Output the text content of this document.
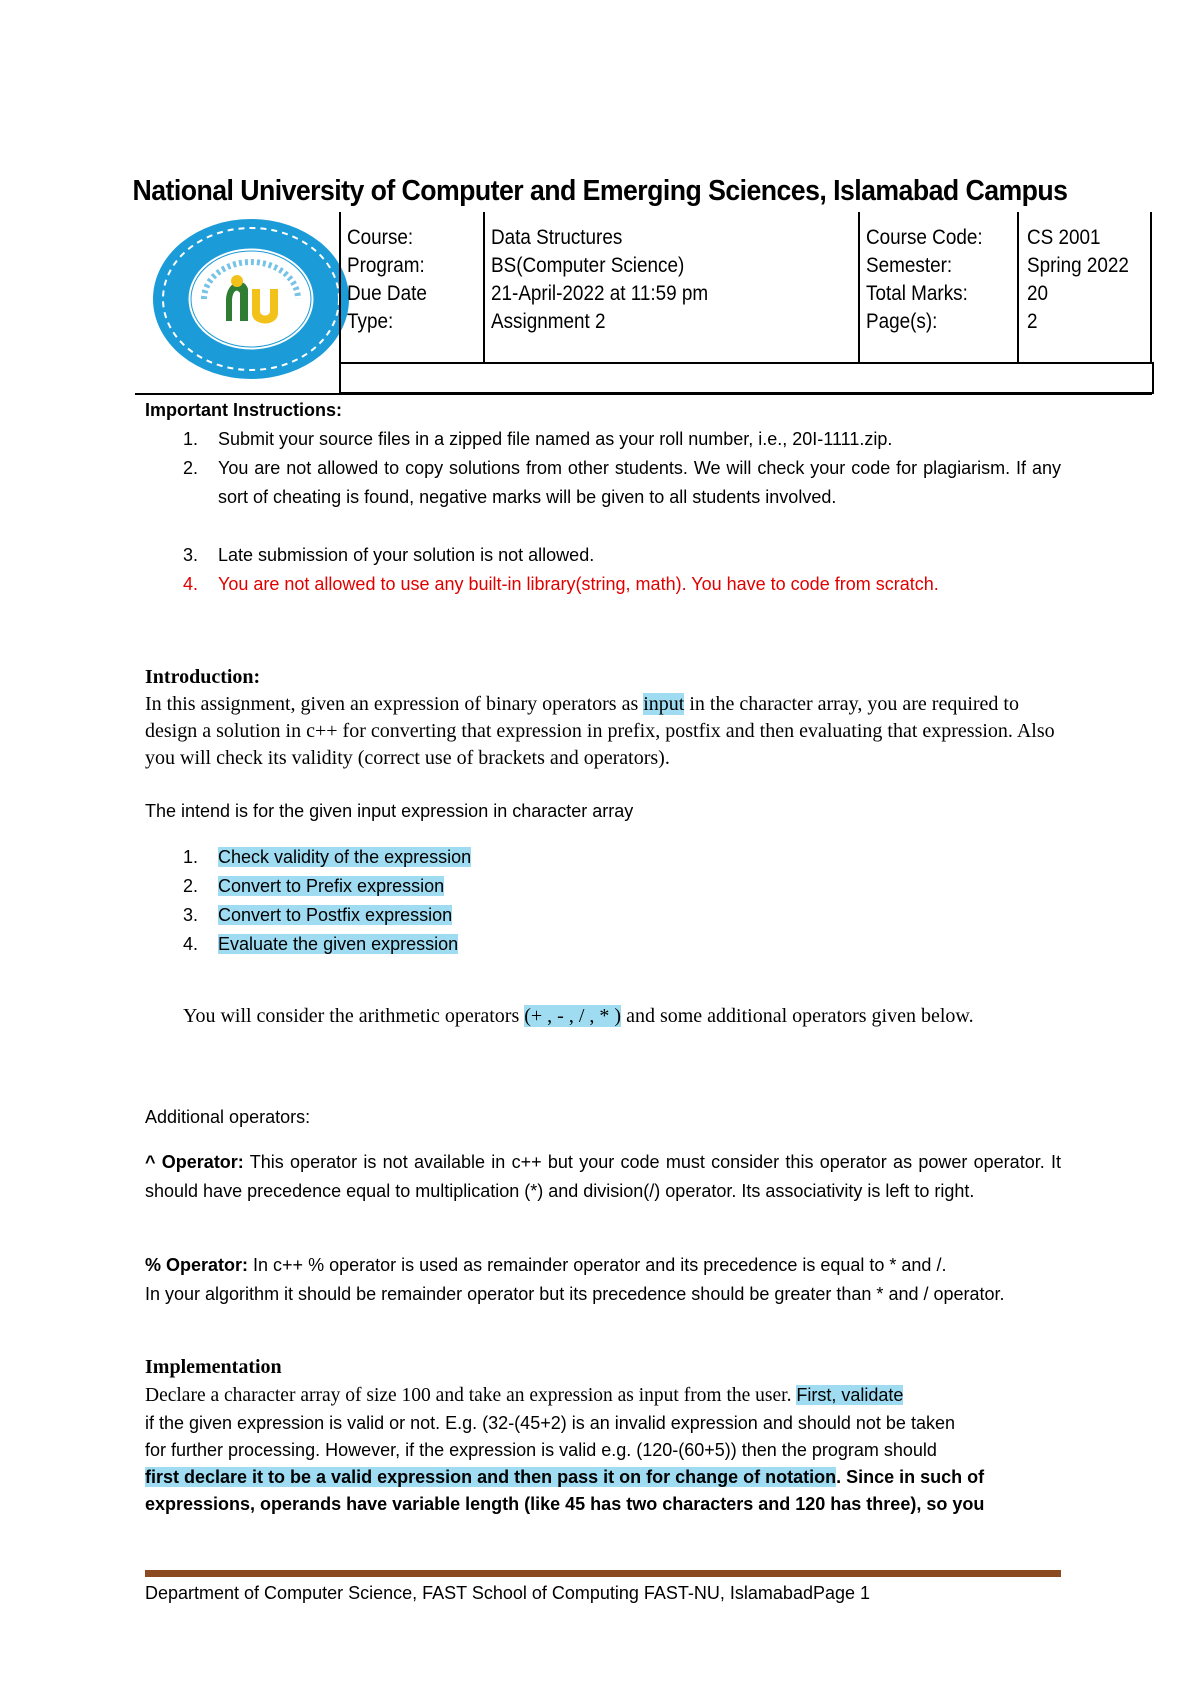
National University of Computer and Emerging Sciences, Islamabad Campus
Course:
Program:
Due Date
Type:
Data Structures
BS(Computer Science)
21-April-2022 at 11:59 pm
Assignment 2
Course Code:
Semester:
Total Marks:
Page(s):
CS 2001
Spring 2022
20
2
Important Instructions:
1. Submit your source files in a zipped file named as your roll number, i.e., 20I-1111.zip.
2. You are not allowed to copy solutions from other students. We will check your code for plagiarism. If any sort of cheating is found, negative marks will be given to all students involved.
3. Late submission of your solution is not allowed.
4. You are not allowed to use any built-in library(string, math). You have to code from scratch.
Introduction:
In this assignment, given an expression of binary operators as input in the character array, you are required to design a solution in c++ for converting that expression in prefix, postfix and then evaluating that expression. Also you will check its validity (correct use of brackets and operators).
The intend is for the given input expression in character array
1. Check validity of the expression
2. Convert to Prefix expression
3. Convert to Postfix expression
4. Evaluate the given expression
You will consider the arithmetic operators (+ , - , / , * ) and some additional operators given below.
Additional operators:
^ Operator: This operator is not available in c++ but your code must consider this operator as power operator. It should have precedence equal to multiplication (*) and division(/) operator. Its associativity is left to right.
% Operator: In c++ % operator is used as remainder operator and its precedence is equal to * and /.
In your algorithm it should be remainder operator but its precedence should be greater than * and / operator.
Implementation
Declare a character array of size 100 and take an expression as input from the user. First, validate
if the given expression is valid or not. E.g. (32-(45+2) is an invalid expression and should not be taken
for further processing. However, if the expression is valid e.g. (120-(60+5)) then the program should
first declare it to be a valid expression and then pass it on for change of notation. Since in such of
expressions, operands have variable length (like 45 has two characters and 120 has three), so you
Department of Computer Science, FAST School of Computing FAST-NU, IslamabadPage 1
